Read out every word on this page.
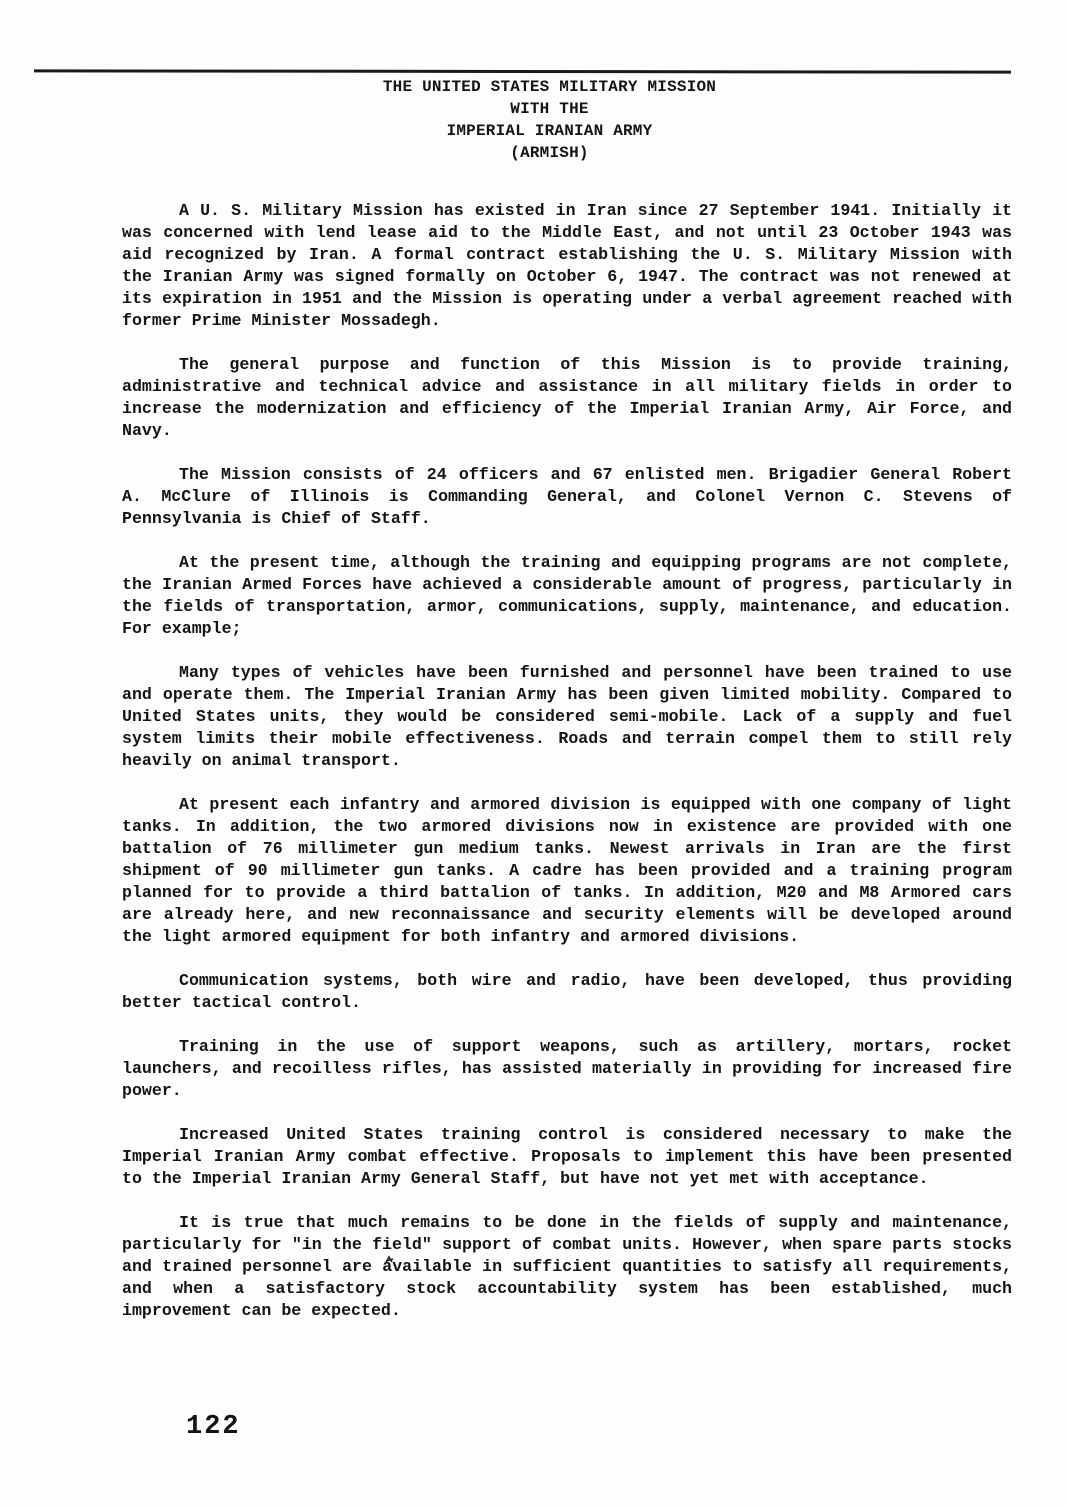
THE UNITED STATES MILITARY MISSION
WITH THE
IMPERIAL IRANIAN ARMY
(ARMISH)

A U. S. Military Mission has existed in Iran since 27 September 1941. Initially it was concerned with lend lease aid to the Middle East, and not until 23 October 1943 was aid recognized by Iran. A formal contract establishing the U. S. Military Mission with the Iranian Army was signed formally on October 6, 1947. The contract was not renewed at its expiration in 1951 and the Mission is operating under a verbal agreement reached with former Prime Minister Mossadegh.

The general purpose and function of this Mission is to provide training, administrative and technical advice and assistance in all military fields in order to increase the modernization and efficiency of the Imperial Iranian Army, Air Force, and Navy.

The Mission consists of 24 officers and 67 enlisted men. Brigadier General Robert A. McClure of Illinois is Commanding General, and Colonel Vernon C. Stevens of Pennsylvania is Chief of Staff.

At the present time, although the training and equipping programs are not complete, the Iranian Armed Forces have achieved a considerable amount of progress, particularly in the fields of transportation, armor, communications, supply, maintenance, and education. For example;

Many types of vehicles have been furnished and personnel have been trained to use and operate them. The Imperial Iranian Army has been given limited mobility. Compared to United States units, they would be considered semi-mobile. Lack of a supply and fuel system limits their mobile effectiveness. Roads and terrain compel them to still rely heavily on animal transport.

At present each infantry and armored division is equipped with one company of light tanks. In addition, the two armored divisions now in existence are provided with one battalion of 76 millimeter gun medium tanks. Newest arrivals in Iran are the first shipment of 90 millimeter gun tanks. A cadre has been provided and a training program planned for to provide a third battalion of tanks. In addition, M20 and M8 Armored cars are already here, and new reconnaissance and security elements will be developed around the light armored equipment for both infantry and armored divisions.

Communication systems, both wire and radio, have been developed, thus providing better tactical control.

Training in the use of support weapons, such as artillery, mortars, rocket launchers, and recoilless rifles, has assisted materially in providing for increased fire power.

Increased United States training control is considered necessary to make the Imperial Iranian Army combat effective. Proposals to implement this have been presented to the Imperial Iranian Army General Staff, but have not yet met with acceptance.

It is true that much remains to be done in the fields of supply and maintenance, particularly for "in the field" support of combat units. However, when spare parts stocks and trained personnel are available in sufficient quantities to satisfy all requirements, and when a satisfactory stock accountability system has been established, much improvement can be expected.

122
